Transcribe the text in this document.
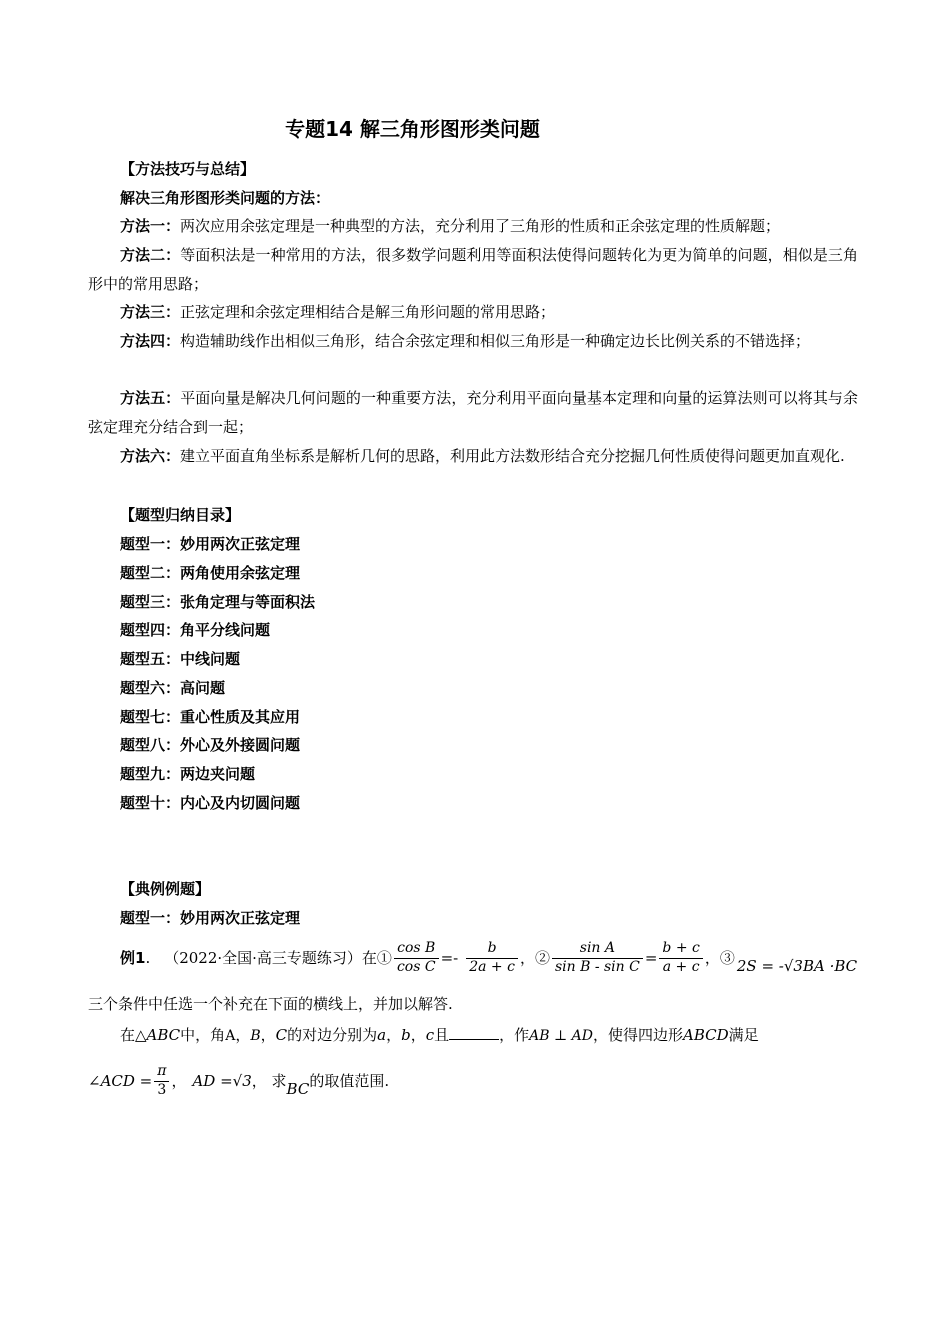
专题14 解三角形图形类问题
【方法技巧与总结】
解决三角形图形类问题的方法：
方法一：两次应用余弦定理是一种典型的方法，充分利用了三角形的性质和正余弦定理的性质解题；
方法二：等面积法是一种常用的方法，很多数学问题利用等面积法使得问题转化为更为简单的问题，相似是三角形中的常用思路；
方法三：正弦定理和余弦定理相结合是解三角形问题的常用思路；
方法四：构造辅助线作出相似三角形，结合余弦定理和相似三角形是一种确定边长比例关系的不错选择；
方法五：平面向量是解决几何问题的一种重要方法，充分利用平面向量基本定理和向量的运算法则可以将其与余弦定理充分结合到一起；
方法六：建立平面直角坐标系是解析几何的思路，利用此方法数形结合充分挖掘几何性质使得问题更加直观化.
【题型归纳目录】
题型一：妙用两次正弦定理
题型二：两角使用余弦定理
题型三：张角定理与等面积法
题型四：角平分线问题
题型五：中线问题
题型六：高问题
题型七：重心性质及其应用
题型八：外心及外接圆问题
题型九：两边夹问题
题型十：内心及内切圆问题
【典例例题】
题型一：妙用两次正弦定理
例1 . （2022·全国·高三专题练习）在① $\frac{\text{cos B}}{\text{cos C}} =- \frac{b}{2a + c}$ ，② $\frac{\text{sin A}}{\text{sin B - sin C}} = \frac{b + c}{a + c}$ ，③ 2S = -√3BA ·BC
三个条件中任选一个补充在下面的横线上，并加以解答.
在△ABC中，角A，B，C的对边分别为a，b，c且	，作AB ⊥ AD，使得四边形ABCD满足
∠ACD = $\frac{\pi}{3}$ ， AD =√3 ， 求 BC 的取值范围.
